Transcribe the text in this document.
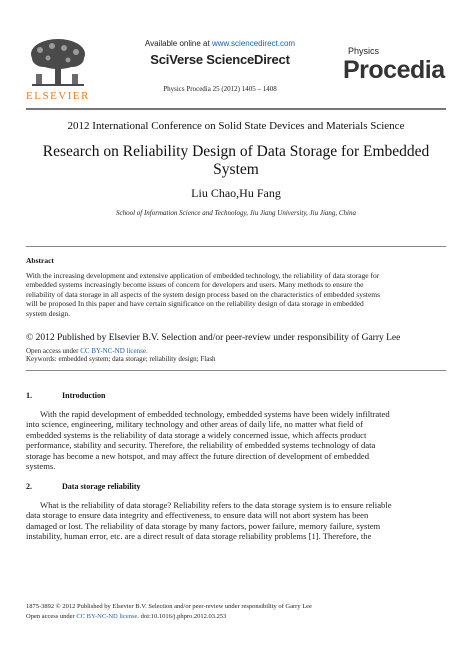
ELSEVIER
Available online at www.sciencedirect.com
SciVerse ScienceDirect
Physics Procedia 25 (2012) 1405 – 1408
Physics
Procedia
2012 International Conference on Solid State Devices and Materials Science
Research on Reliability Design of Data Storage for Embedded
System
Liu Chao,Hu Fang
School of Information Science and Technology, Jiu Jiang University, Jiu Jiang, China
Abstract
With the increasing development and extensive application of embedded technology, the reliability of data storage for
embedded systems increasingly become issues of concern for developers and users. Many methods to ensure the
reliability of data storage in all aspects of the system design process based on the characteristics of embedded systems
will be proposed In this paper and have certain significance on the reliability design of data storage in embedded
system design.
© 2012 Published by Elsevier B.V. Selection and/or peer-review under responsibility of Garry Lee
Open access under CC BY-NC-ND license.
Keywords: embedded system; data storage; reliability design; Flash
1.	Introduction
With the rapid development of embedded technology, embedded systems have been widely infiltrated
into science, engineering, military technology and other areas of daily life, no matter what field of
embedded systems is the reliability of data storage a widely concerned issue, which affects product
performance, stability and security. Therefore, the reliability of embedded systems technology of data
storage has become a new hotspot, and may affect the future direction of development of embedded
systems.
2.	Data storage reliability
What is the reliability of data storage? Reliability refers to the data storage system is to ensure reliable
data storage to ensure data integrity and effectiveness, to ensure data will not abort system has been
damaged or lost. The reliability of data storage by many factors, power failure, memory failure, system
instability, human error, etc. are a direct result of data storage reliability problems [1]. Therefore, the
1875-3892 © 2012 Published by Elsevier B.V. Selection and/or peer-review under responsibility of Garry Lee
Open access under CC BY-NC-ND license. doi:10.1016/j.phpro.2012.03.253
